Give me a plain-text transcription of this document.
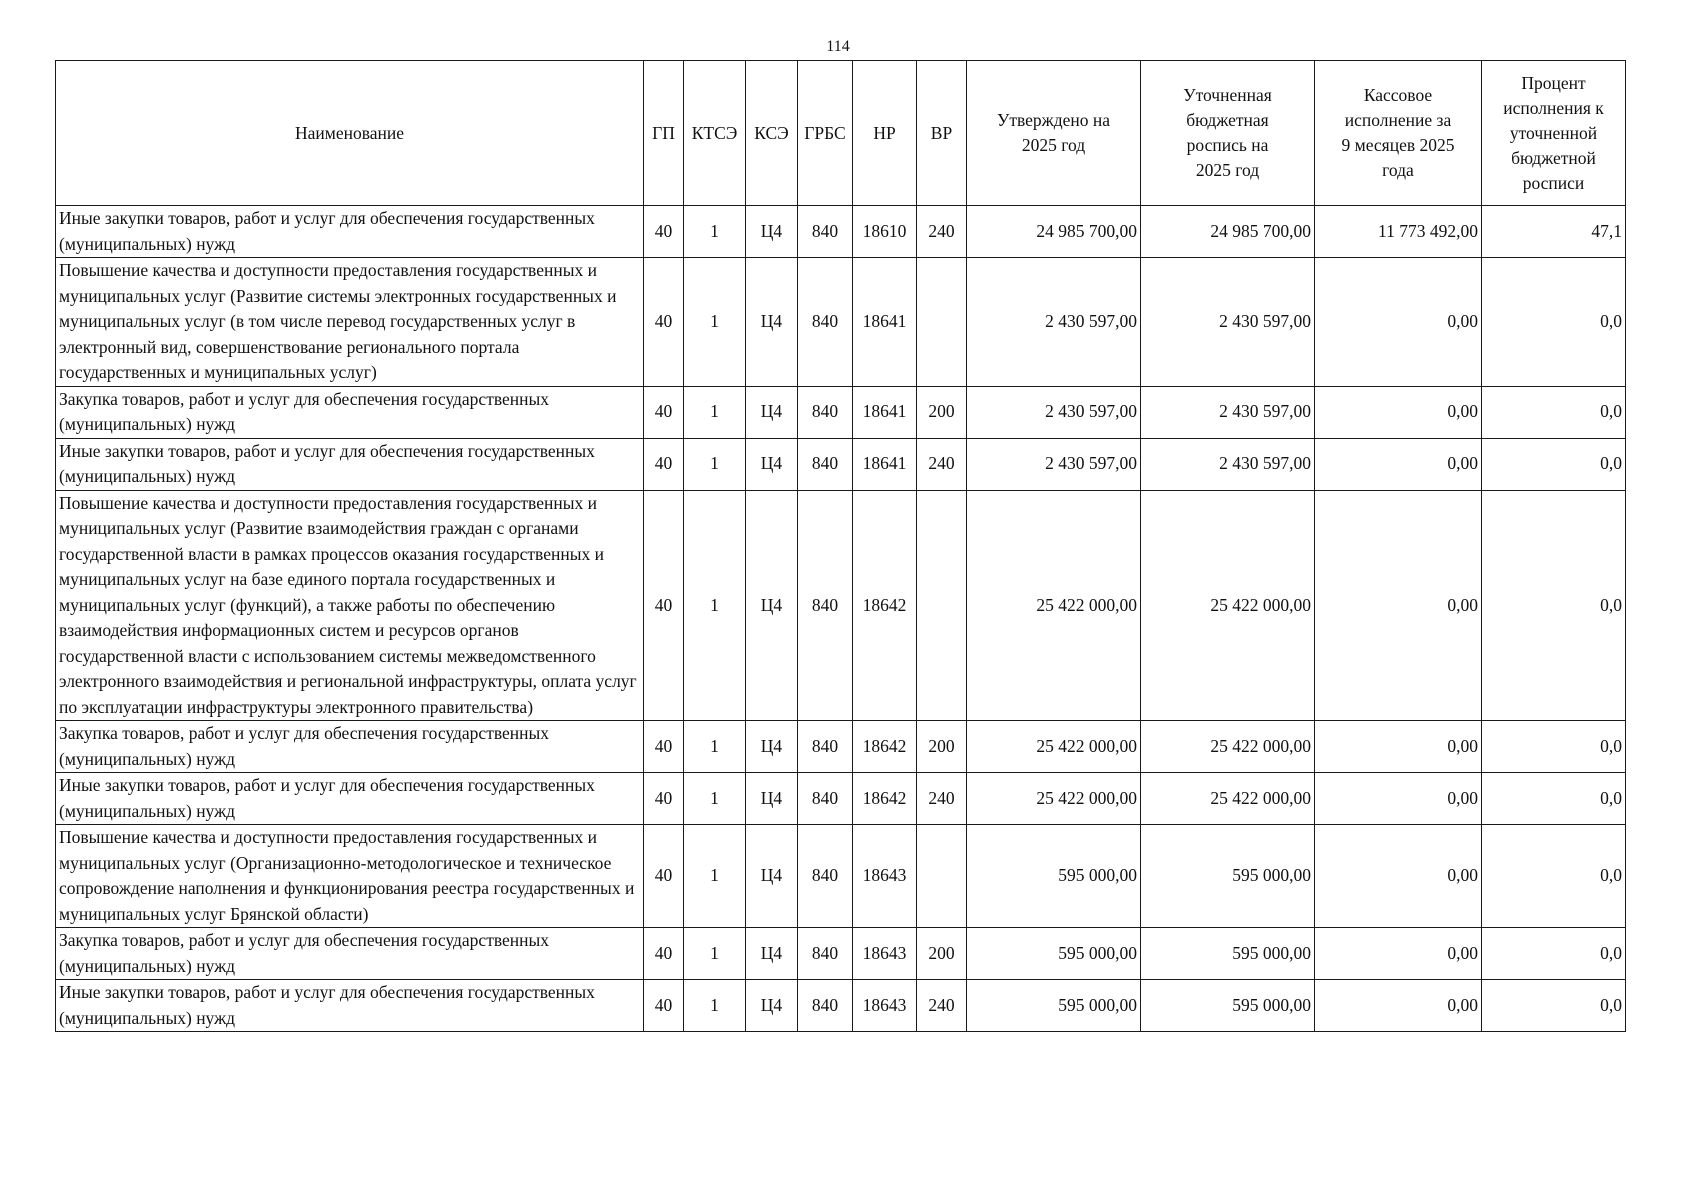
114
Наименование	ГП	КТСЭ	КСЭ	ГРБС	НР	ВР	Утверждено на 2025 год	Уточненная бюджетная роспись на 2025 год	Кассовое исполнение за 9 месяцев 2025 года	Процент исполнения к уточненной бюджетной росписи
Иные закупки товаров, работ и услуг для обеспечения государственных (муниципальных) нужд	40	1	Ц4	840	18610	240	24 985 700,00	24 985 700,00	11 773 492,00	47,1
Повышение качества и доступности предоставления государственных и муниципальных услуг (Развитие системы электронных государственных и муниципальных услуг (в том числе перевод государственных услуг в электронный вид, совершенствование регионального портала государственных и муниципальных услуг)	40	1	Ц4	840	18641		2 430 597,00	2 430 597,00	0,00	0,0
Закупка товаров, работ и услуг для обеспечения государственных (муниципальных) нужд	40	1	Ц4	840	18641	200	2 430 597,00	2 430 597,00	0,00	0,0
Иные закупки товаров, работ и услуг для обеспечения государственных (муниципальных) нужд	40	1	Ц4	840	18641	240	2 430 597,00	2 430 597,00	0,00	0,0
Повышение качества и доступности предоставления государственных и муниципальных услуг (Развитие взаимодействия граждан с органами государственной власти в рамках процессов оказания государственных и муниципальных услуг на базе единого портала государственных и муниципальных услуг (функций), а также работы по обеспечению взаимодействия информационных систем и ресурсов органов государственной власти с использованием системы межведомственного электронного взаимодействия и региональной инфраструктуры, оплата услуг по эксплуатации инфраструктуры электронного правительства)	40	1	Ц4	840	18642		25 422 000,00	25 422 000,00	0,00	0,0
Закупка товаров, работ и услуг для обеспечения государственных (муниципальных) нужд	40	1	Ц4	840	18642	200	25 422 000,00	25 422 000,00	0,00	0,0
Иные закупки товаров, работ и услуг для обеспечения государственных (муниципальных) нужд	40	1	Ц4	840	18642	240	25 422 000,00	25 422 000,00	0,00	0,0
Повышение качества и доступности предоставления государственных и муниципальных услуг (Организационно-методологическое и техническое сопровождение наполнения и функционирования реестра государственных и муниципальных услуг Брянской области)	40	1	Ц4	840	18643		595 000,00	595 000,00	0,00	0,0
Закупка товаров, работ и услуг для обеспечения государственных (муниципальных) нужд	40	1	Ц4	840	18643	200	595 000,00	595 000,00	0,00	0,0
Иные закупки товаров, работ и услуг для обеспечения государственных (муниципальных) нужд	40	1	Ц4	840	18643	240	595 000,00	595 000,00	0,00	0,0
